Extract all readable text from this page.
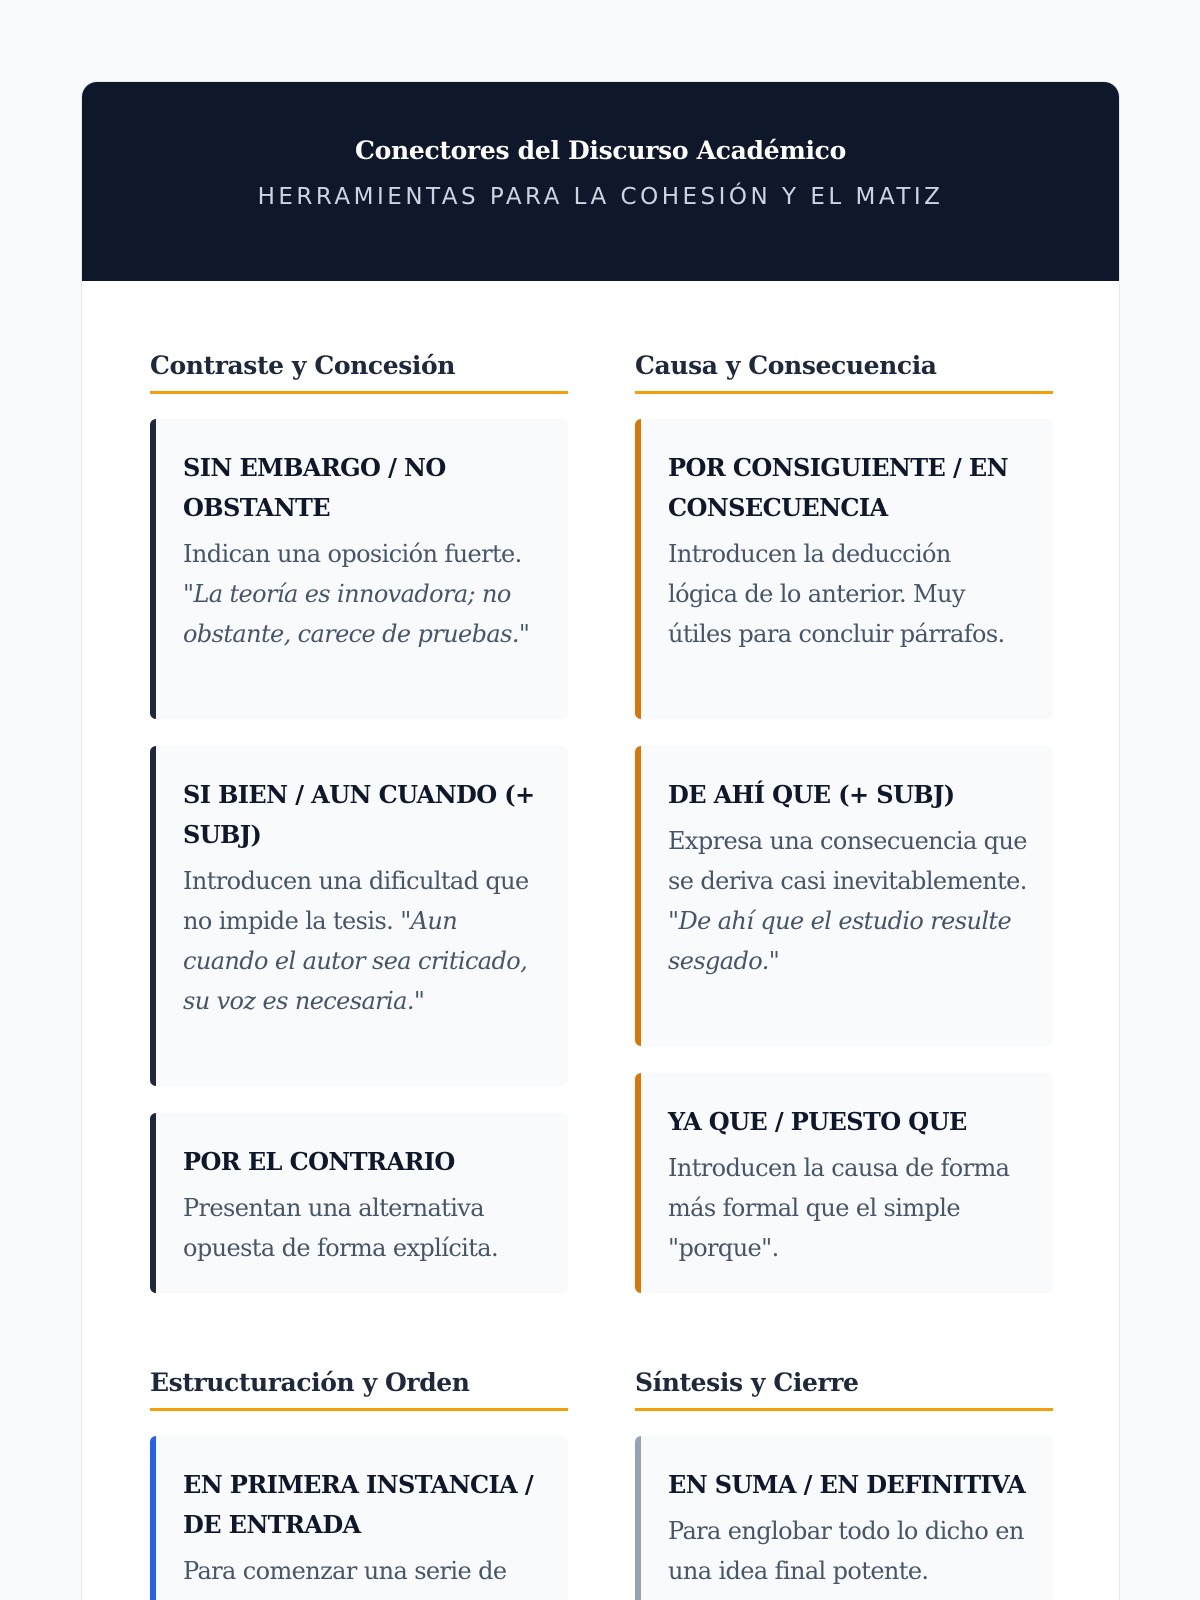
Conectores del Discurso Académico
HERRAMIENTAS PARA LA COHESIÓN Y EL MATIZ
Contraste y Concesión
SIN EMBARGO / NO OBSTANTE
Indican una oposición fuerte. "La teoría es innovadora; no obstante, carece de pruebas."
SI BIEN / AUN CUANDO (+ SUBJ)
Introducen una dificultad que no impide la tesis. "Aun cuando el autor sea criticado, su voz es necesaria."
POR EL CONTRARIO
Presentan una alternativa opuesta de forma explícita.
Causa y Consecuencia
POR CONSIGUIENTE / EN CONSECUENCIA
Introducen la deducción lógica de lo anterior. Muy útiles para concluir párrafos.
DE AHÍ QUE (+ SUBJ)
Expresa una consecuencia que se deriva casi inevitablemente. "De ahí que el estudio resulte sesgado."
YA QUE / PUESTO QUE
Introducen la causa de forma más formal que el simple "porque".
Estructuración y Orden
EN PRIMERA INSTANCIA / DE ENTRADA
Para comenzar una serie de
Síntesis y Cierre
EN SUMA / EN DEFINITIVA
Para englobar todo lo dicho en una idea final potente.
